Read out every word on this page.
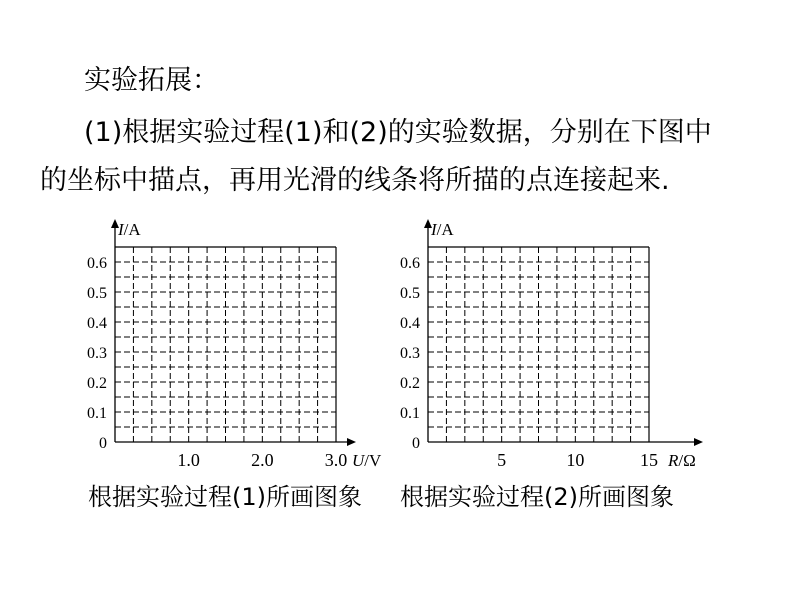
实验拓展：
(1)根据实验过程(1)和(2)的实验数据，分别在下图中
的坐标中描点，再用光滑的线条将所描的点连接起来.
0
0.1
0.2
0.3
0.4
0.5
0.6
1.0	2.0	3.0
I/A
U/V
0
0.1
0.2
0.3
0.4
0.5
0.6
5	10	15
I/A
R/Ω
根据实验过程(1)所画图象 根据实验过程(2)所画图象
